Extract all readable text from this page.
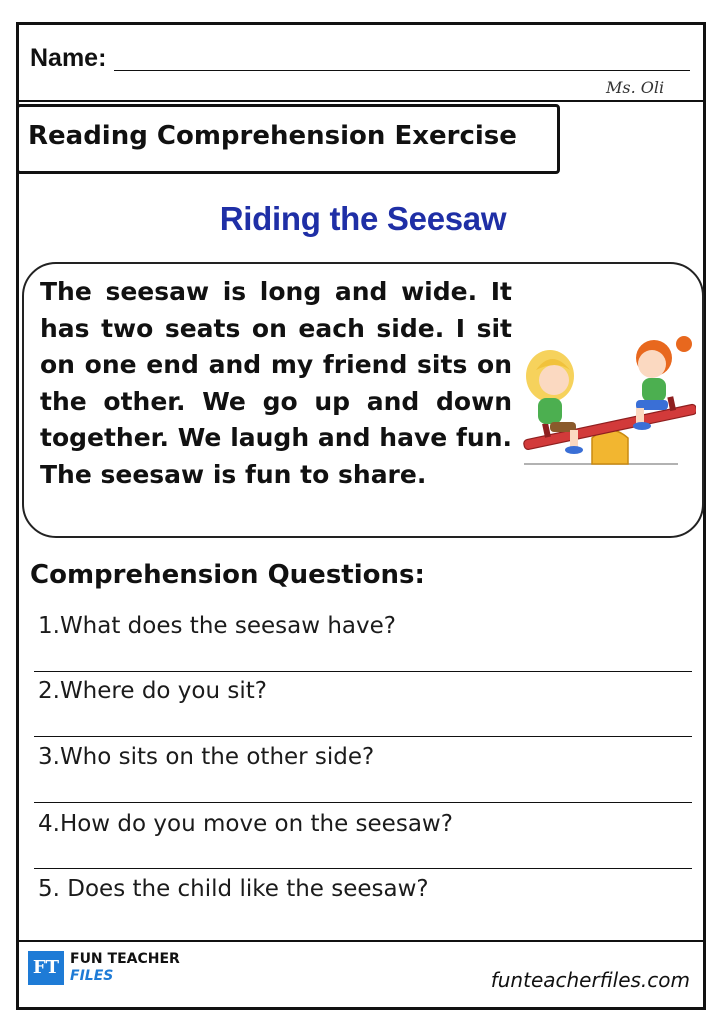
Name:
Ms. Oli
Reading Comprehension Exercise
Riding the Seesaw

The seesaw is long and wide. It has two seats on each side. I sit on one end and my friend sits on the other. We go up and down together. We laugh and have fun. The seesaw is fun to share.

Comprehension Questions:
1.What does the seesaw have?
2.Where do you sit?
3.Who sits on the other side?
4.How do you move on the seesaw?
5. Does the child like the seesaw?
FT FUN TEACHER
FILES	funteacherfiles.com
